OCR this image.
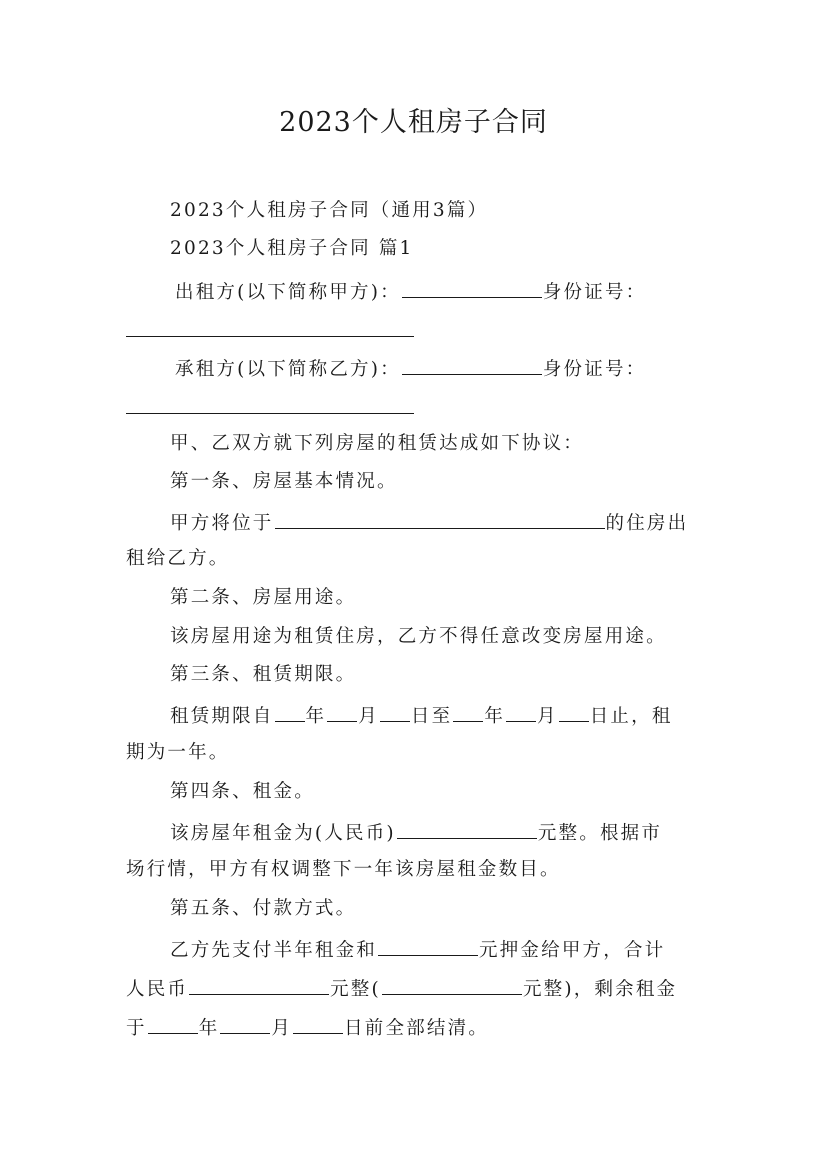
2023个人租房子合同
2023个人租房子合同（通用3篇）
2023个人租房子合同 篇1
出租方(以下简称甲方)：	身份证号：
承租方(以下简称乙方)：	身份证号：
甲、乙双方就下列房屋的租赁达成如下协议：
第一条、房屋基本情况。
甲方将位于	的住房出
租给乙方。
第二条、房屋用途。
该房屋用途为租赁住房，乙方不得任意改变房屋用途。
第三条、租赁期限。
租赁期限自 年 月 日至 年 月 日止，租
期为一年。
第四条、租金。
该房屋年租金为(人民币)	元整。根据市
场行情，甲方有权调整下一年该房屋租金数目。
第五条、付款方式。
乙方先支付半年租金和	元押金给甲方，合计
人民币	元整(	元整)，剩余租金
于	年	月	日前全部结清。
